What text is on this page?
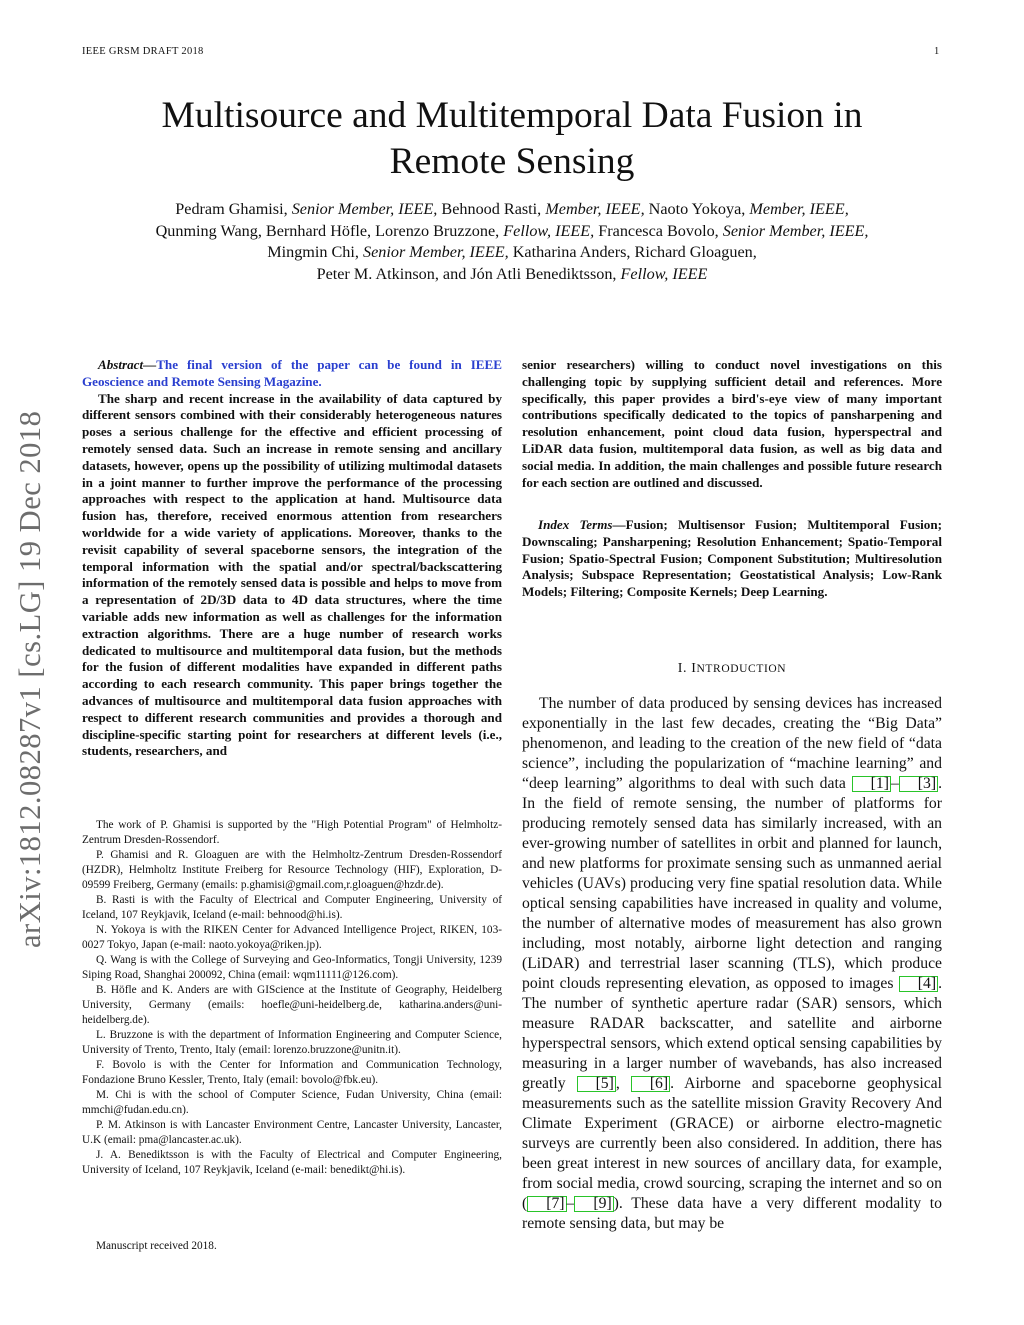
IEEE GRSM DRAFT 2018	1
Multisource and Multitemporal Data Fusion in
Remote Sensing
Pedram Ghamisi, Senior Member, IEEE, Behnood Rasti, Member, IEEE, Naoto Yokoya, Member, IEEE,
Qunming Wang, Bernhard Höfle, Lorenzo Bruzzone, Fellow, IEEE, Francesca Bovolo, Senior Member, IEEE,
Mingmin Chi, Senior Member, IEEE, Katharina Anders, Richard Gloaguen,
Peter M. Atkinson, and Jón Atli Benediktsson, Fellow, IEEE
arXiv:1812.08287v1 [cs.LG] 19 Dec 2018

Abstract—The final version of the paper can be found in IEEE Geoscience and Remote Sensing Magazine.

The sharp and recent increase in the availability of data captured by different sensors combined with their considerably heterogeneous natures poses a serious challenge for the effective and efficient processing of remotely sensed data. Such an increase in remote sensing and ancillary datasets, however, opens up the possibility of utilizing multimodal datasets in a joint manner to further improve the performance of the processing approaches with respect to the application at hand. Multisource data fusion has, therefore, received enormous attention from researchers worldwide for a wide variety of applications. Moreover, thanks to the revisit capability of several spaceborne sensors, the integration of the temporal information with the spatial and/or spectral/backscattering information of the remotely sensed data is possible and helps to move from a representation of 2D/3D data to 4D data structures, where the time variable adds new information as well as challenges for the information extraction algorithms. There are a huge number of research works dedicated to multisource and multitemporal data fusion, but the methods for the fusion of different modalities have expanded in different paths according to each research community. This paper brings together the advances of multisource and multitemporal data fusion approaches with respect to different research communities and provides a thorough and discipline-specific starting point for researchers at different levels (i.e., students, researchers, and

The work of P. Ghamisi is supported by the "High Potential Program" of Helmholtz-Zentrum Dresden-Rossendorf.

P. Ghamisi and R. Gloaguen are with the Helmholtz-Zentrum Dresden-Rossendorf (HZDR), Helmholtz Institute Freiberg for Resource Technology (HIF), Exploration, D-09599 Freiberg, Germany (emails: p.ghamisi@gmail.com,r.gloaguen@hzdr.de).

B. Rasti is with the Faculty of Electrical and Computer Engineering, University of Iceland, 107 Reykjavik, Iceland (e-mail: behnood@hi.is).

N. Yokoya is with the RIKEN Center for Advanced Intelligence Project, RIKEN, 103-0027 Tokyo, Japan (e-mail: naoto.yokoya@riken.jp).

Q. Wang is with the College of Surveying and Geo-Informatics, Tongji University, 1239 Siping Road, Shanghai 200092, China (email: wqm11111@126.com).

B. Höfle and K. Anders are with GIScience at the Institute of Geography, Heidelberg University, Germany (emails: hoefle@uni-heidelberg.de, katharina.anders@uni-heidelberg.de).

L. Bruzzone is with the department of Information Engineering and Computer Science, University of Trento, Trento, Italy (email: lorenzo.bruzzone@unitn.it).

F. Bovolo is with the Center for Information and Communication Technology, Fondazione Bruno Kessler, Trento, Italy (email: bovolo@fbk.eu).

M. Chi is with the school of Computer Science, Fudan University, China (email: mmchi@fudan.edu.cn).

P. M. Atkinson is with Lancaster Environment Centre, Lancaster University, Lancaster, U.K (email: pma@lancaster.ac.uk).

J. A. Benediktsson is with the Faculty of Electrical and Computer Engineering, University of Iceland, 107 Reykjavik, Iceland (e-mail: benedikt@hi.is).

Manuscript received 2018.

senior researchers) willing to conduct novel investigations on this challenging topic by supplying sufficient detail and references. More specifically, this paper provides a bird's-eye view of many important contributions specifically dedicated to the topics of pansharpening and resolution enhancement, point cloud data fusion, hyperspectral and LiDAR data fusion, multitemporal data fusion, as well as big data and social media. In addition, the main challenges and possible future research for each section are outlined and discussed.

Index Terms—Fusion; Multisensor Fusion; Multitemporal Fusion; Downscaling; Pansharpening; Resolution Enhancement; Spatio-Temporal Fusion; Spatio-Spectral Fusion; Component Substitution; Multiresolution Analysis; Subspace Representation; Geostatistical Analysis; Low-Rank Models; Filtering; Composite Kernels; Deep Learning.

I. INTRODUCTION

The number of data produced by sensing devices has increased exponentially in the last few decades, creating the “Big Data” phenomenon, and leading to the creation of the new field of “data science”, including the popularization of “machine learning” and “deep learning” algorithms to deal with such data [1] – [3] . In the field of remote sensing, the number of platforms for producing remotely sensed data has similarly increased, with an ever-growing number of satellites in orbit and planned for launch, and new platforms for proximate sensing such as unmanned aerial vehicles (UAVs) producing very fine spatial resolution data. While optical sensing capabilities have increased in quality and volume, the number of alternative modes of measurement has also grown including, most notably, airborne light detection and ranging (LiDAR) and terrestrial laser scanning (TLS), which produce point clouds representing elevation, as opposed to images [4] . The number of synthetic aperture radar (SAR) sensors, which measure RADAR backscatter, and satellite and airborne hyperspectral sensors, which extend optical sensing capabilities by measuring in a larger number of wavebands, has also increased greatly [5] , [6] . Airborne and spaceborne geophysical measurements such as the satellite mission Gravity Recovery And Climate Experiment (GRACE) or airborne electro-magnetic surveys are currently been also considered. In addition, there has been great interest in new sources of ancillary data, for example, from social media, crowd sourcing, scraping the internet and so on ( [7] – [9] ). These data have a very different modality to remote sensing data, but may be
